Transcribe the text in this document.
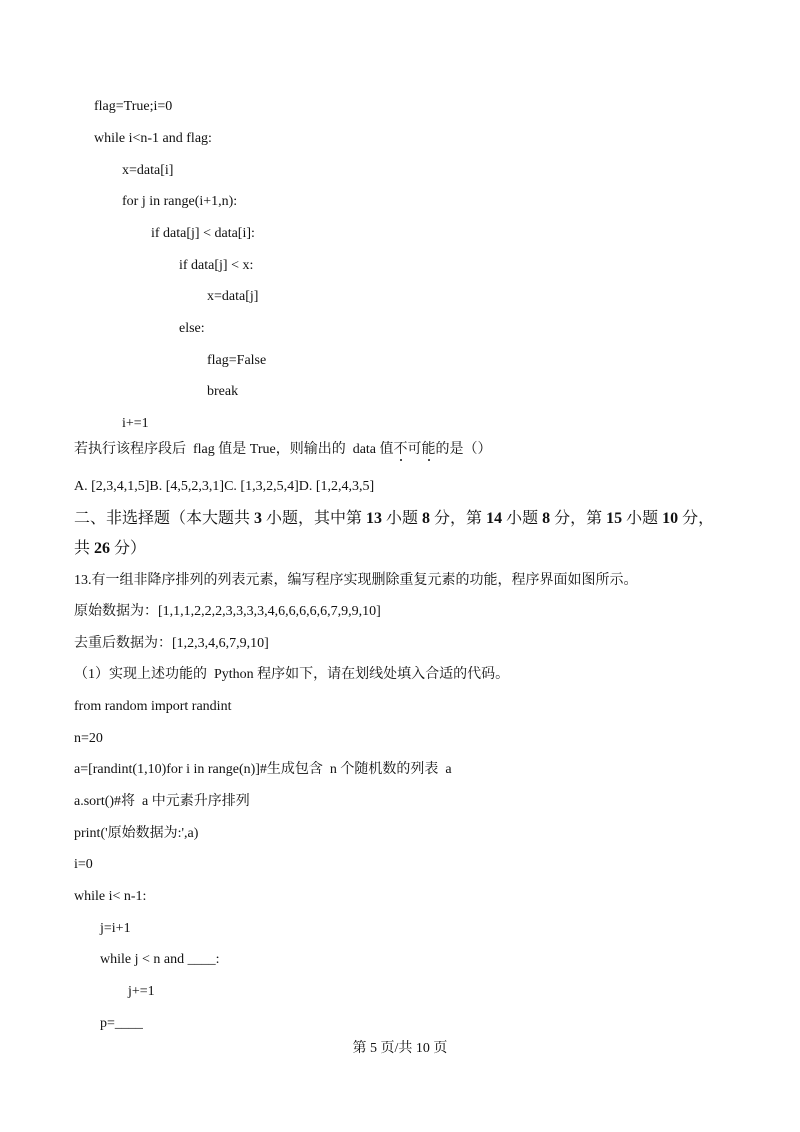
flag=True;i=0
while i<n-1 and flag:
x=data[i]
for j in range(i+1,n):
if data[j] < data[i]:
if data[j] < x:
x=data[j]
else:
flag=False
break
i+=1
若执行该程序段后  flag 值是 True，则输出的  data 值不可能的是（）
A. [2,3,4,1,5]B. [4,5,2,3,1]C. [1,3,2,5,4]D. [1,2,4,3,5]
二、非选择题（本大题共 3 小题，其中第 13 小题 8 分，第 14 小题 8 分，第 15 小题 10 分，
共 26 分）
13.有一组非降序排列的列表元素，编写程序实现删除重复元素的功能，程序界面如图所示。
原始数据为：[1,1,1,2,2,2,3,3,3,3,4,6,6,6,6,6,7,9,9,10]
去重后数据为：[1,2,3,4,6,7,9,10]
（1）实现上述功能的  Python 程序如下，请在划线处填入合适的代码。
from random import randint
n=20
a=[randint(1,10)for i in range(n)]#生成包含  n 个随机数的列表  a
a.sort()#将  a 中元素升序排列
print('原始数据为:',a)
i=0
while i< n-1:
j=i+1
while j < n and ____:
j+=1
p=____
第 5 页/共 10 页
